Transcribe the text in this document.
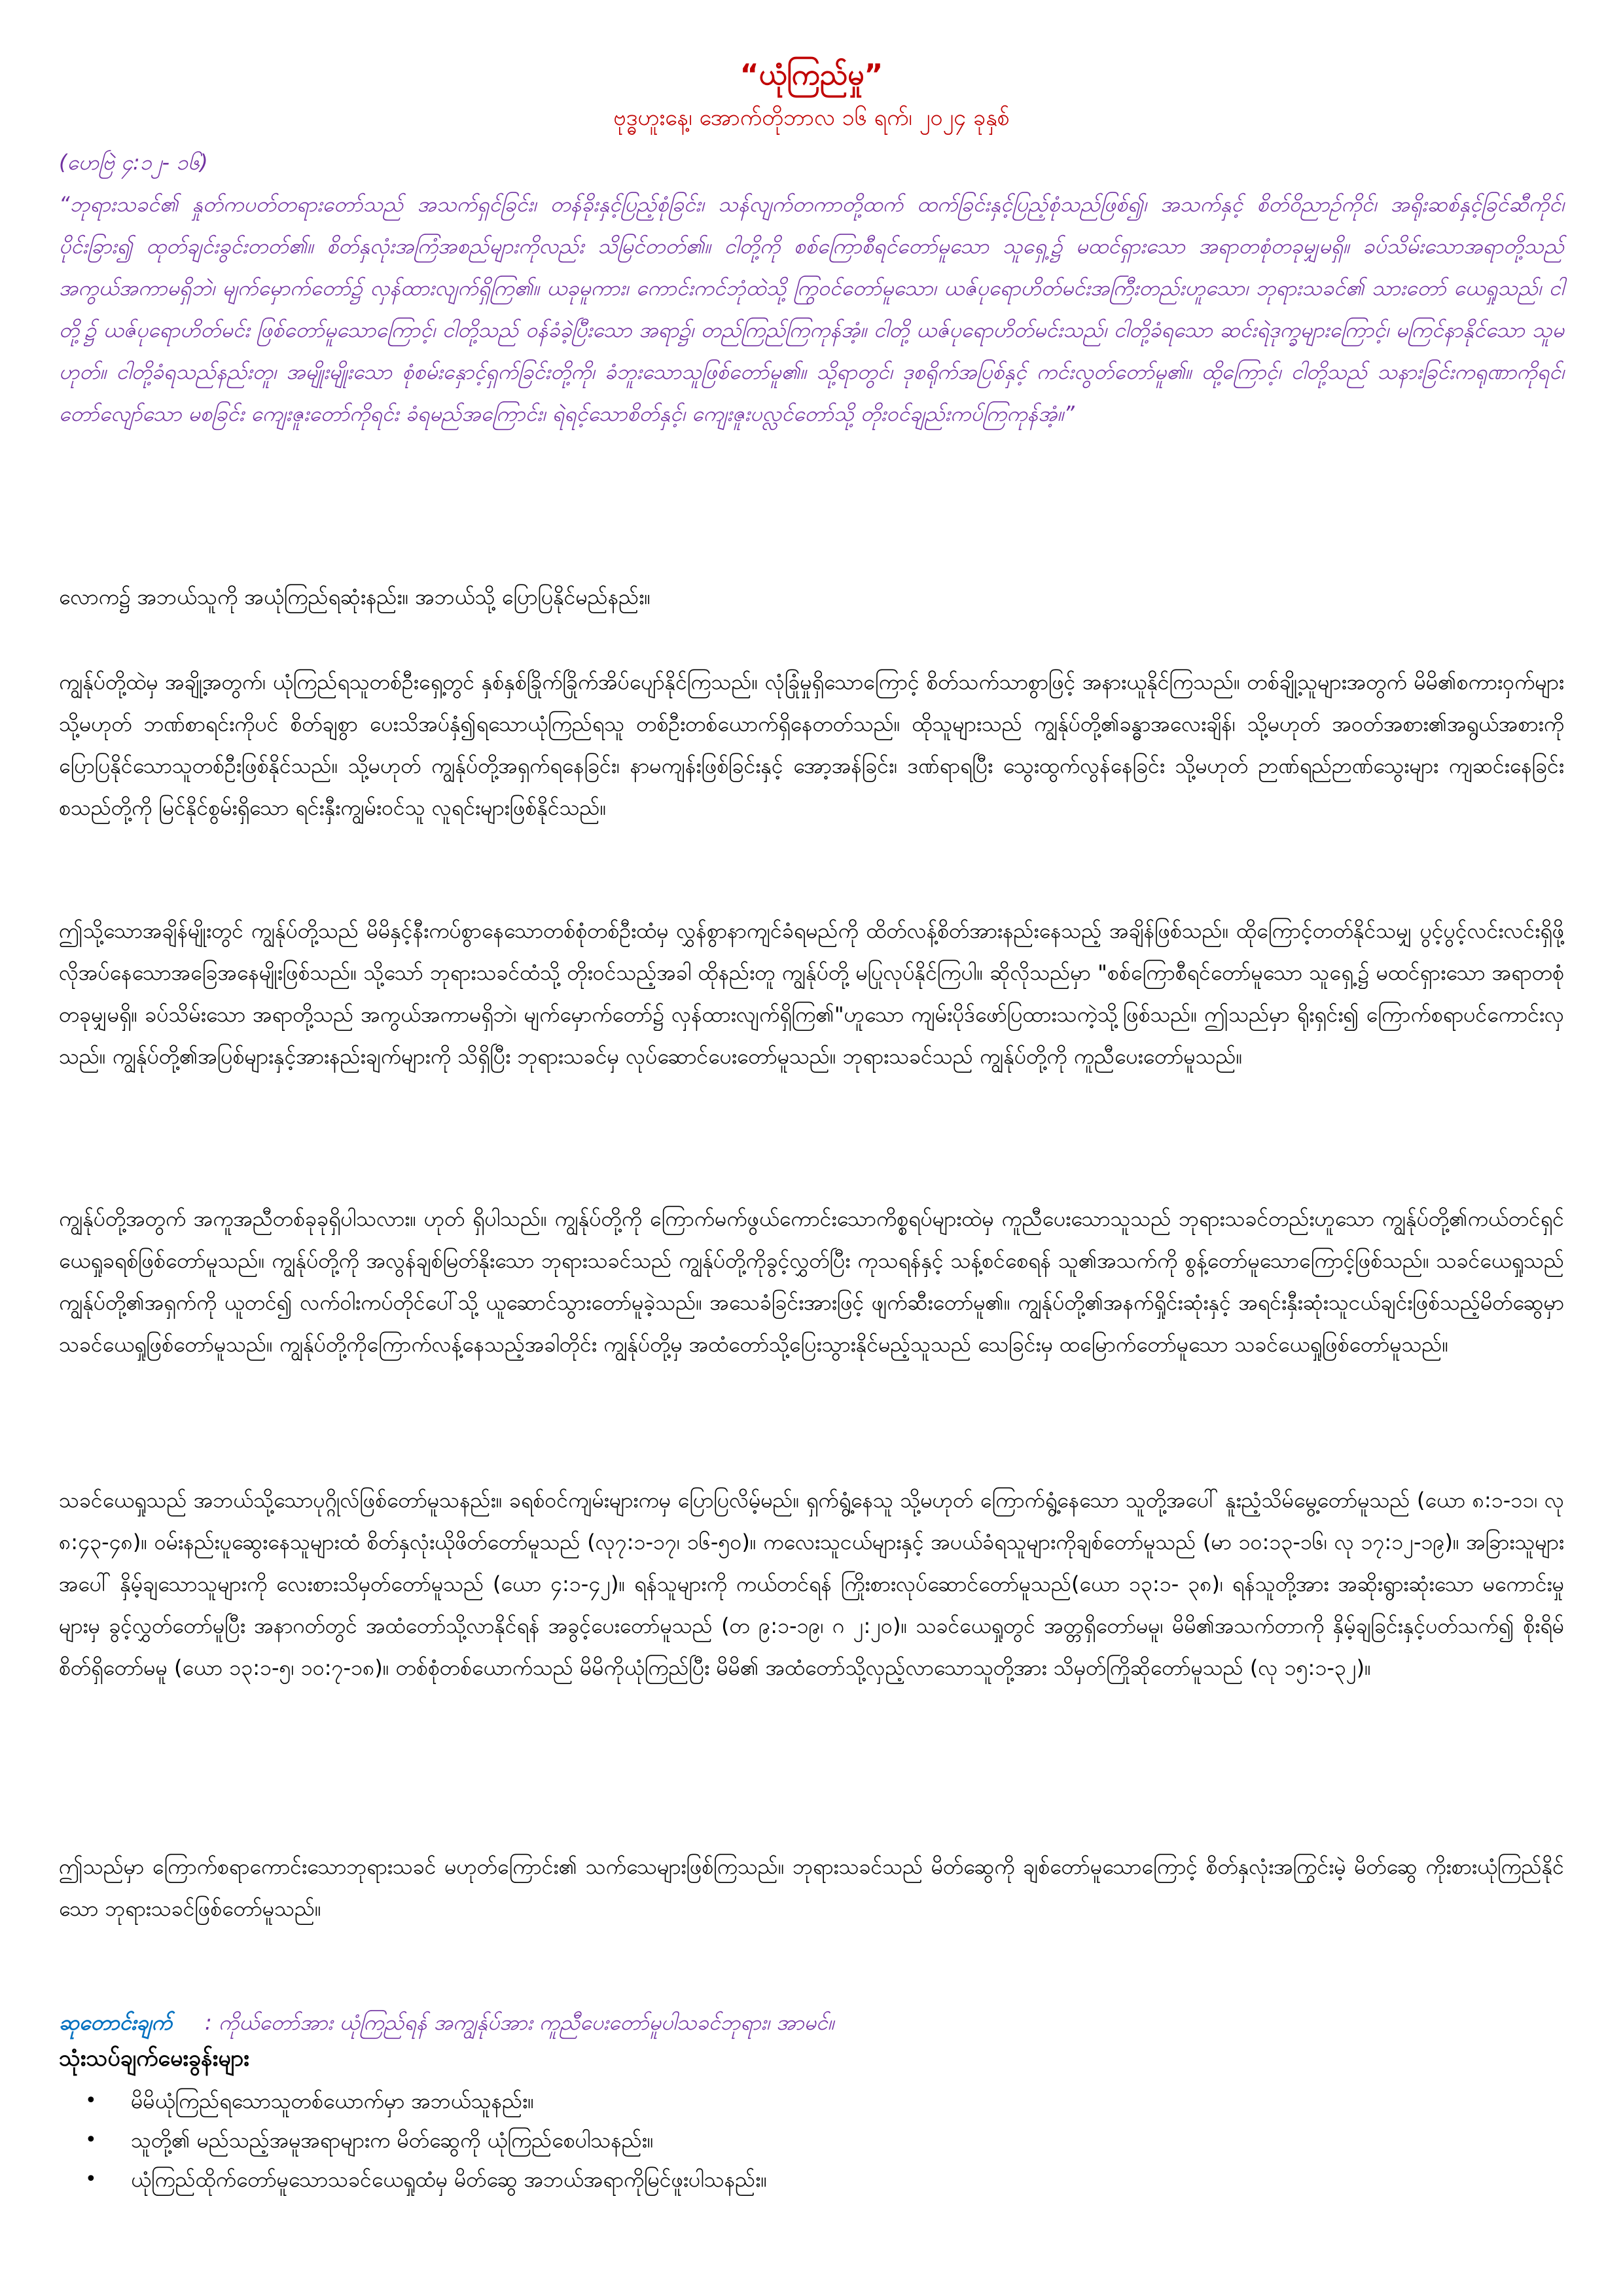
“ယုံကြည်မှု”
ဗုဒ္ဓဟူးနေ့၊ အောက်တိုဘာလ ၁၆ ရက်၊ ၂၀၂၄ ခုနှစ်
(ဟေဗြဲ ၄:၁၂- ၁၆)

“ဘုရားသခင်၏ နှုတ်ကပတ်တရားတော်သည် အသက်ရှင်ခြင်း၊ တန်ခိုးနှင့်ပြည့်စုံခြင်း၊ သန်လျက်တကာတို့ထက် ထက်ခြင်းနှင့်ပြည့်စုံသည်ဖြစ်၍၊ အသက်နှင့် စိတ်ဝိညာဉ်ကိုင်၊ အရိုးဆစ်နှင့်ခြင်ဆီကိုင်၊ ပိုင်းခြား၍ ထုတ်ချင်းခွင်းတတ်၏။ စိတ်နှလုံးအကြံအစည်များကိုလည်း သိမြင်တတ်၏။ ငါတို့ကို စစ်ကြောစီရင်တော်မူသော သူရှေ့၌ မထင်ရှားသော အရာတစုံတခုမျှမရှိ။ ခပ်သိမ်းသောအရာတို့သည် အကွယ်အကာမရှိဘဲ၊ မျက်မှောက်တော်၌ လှန်ထားလျက်ရှိကြ၏။ ယခုမူကား၊ ကောင်းကင်ဘုံထဲသို့ ကြွဝင်တော်မူသော၊ ယဇ်ပုရောဟိတ်မင်းအကြီးတည်းဟူသော၊ ဘုရားသခင်၏ သားတော် ယေရှုသည်၊ ငါတို့၌ ယဇ်ပုရောဟိတ်မင်း ဖြစ်တော်မူသောကြောင့်၊ ငါတို့သည် ဝန်ခံခဲ့ပြီးသော အရာ၌၊ တည်ကြည်ကြကုန်အံ့။ ငါတို့ ယဇ်ပုရောဟိတ်မင်းသည်၊ ငါတို့ခံရသော ဆင်းရဲဒုက္ခများကြောင့်၊ မကြင်နာနိုင်သော သူမဟုတ်။ ငါတို့ခံရသည်နည်းတူ၊ အမျိုးမျိုးသော စုံစမ်းနှောင့်ရှက်ခြင်းတို့ကို၊ ခံဘူးသောသူဖြစ်တော်မူ၏။ သို့ရာတွင်၊ ဒုစရိုက်အပြစ်နှင့် ကင်းလွတ်တော်မူ၏။ ထို့ကြောင့်၊ ငါတို့သည် သနားခြင်းကရုဏာကိုရင်၊ တော်လျော်သော မစခြင်း ကျေးဇူးတော်ကိုရင်း ခံရမည်အကြောင်း၊ ရဲရင့်သောစိတ်နှင့်၊ ကျေးဇူးပလ္လင်တော်သို့ တိုးဝင်ချည်းကပ်ကြကုန်အံ့။”

လောက၌ အဘယ်သူကို အယုံကြည်ရဆုံးနည်း။ အဘယ်သို့ ပြောပြနိုင်မည်နည်း။

ကျွန်ုပ်တို့ထဲမှ အချို့အတွက်၊ ယုံကြည်ရသူတစ်ဦးရှေ့တွင် နှစ်နှစ်ခြိုက်ခြိုက်အိပ်ပျော်နိုင်ကြသည်။ လုံခြုံမှုရှိသောကြောင့် စိတ်သက်သာစွာဖြင့် အနားယူနိုင်ကြသည်။ တစ်ချို့သူများအတွက် မိမိ၏စကားဝှက်များသို့မဟုတ် ဘဏ်စာရင်းကိုပင် စိတ်ချစွာ ပေးသိအပ်နှံ၍ရသောယုံကြည်ရသူ တစ်ဦးတစ်ယောက်ရှိနေတတ်သည်။ ထိုသူများသည် ကျွန်ုပ်တို့၏ခန္ဓာအလေးချိန်၊ သို့မဟုတ် အဝတ်အစား၏အရွယ်အစားကို ပြောပြနိုင်သောသူတစ်ဦးဖြစ်နိုင်သည်။ သို့မဟုတ် ကျွန်ုပ်တို့အရှက်ရနေခြင်း၊ နာမကျန်းဖြစ်ခြင်းနှင့် အော့အန်ခြင်း၊ ဒဏ်ရာရပြီး သွေးထွက်လွန်နေခြင်း သို့မဟုတ် ဉာဏ်ရည်ဉာဏ်သွေးများ ကျဆင်းနေခြင်းစသည်တို့ကို မြင်နိုင်စွမ်းရှိသော ရင်းနှီးကျွမ်းဝင်သူ လူရင်းများဖြစ်နိုင်သည်။

ဤသို့သောအချိန်မျိုးတွင် ကျွန်ုပ်တို့သည် မိမိနှင့်နီးကပ်စွာနေသောတစ်စုံတစ်ဦးထံမှ လွှန်စွာနာကျင်ခံရမည်ကို ထိတ်လန့်စိတ်အားနည်းနေသည့် အချိန်ဖြစ်သည်။ ထိုကြောင့်တတ်နိုင်သမျှ ပွင့်ပွင့်လင်းလင်းရှိဖို့ လိုအပ်နေသောအခြေအနေမျိုးဖြစ်သည်။ သို့သော် ဘုရားသခင်ထံသို့ တိုးဝင်သည့်အခါ ထိုနည်းတူ ကျွန်ုပ်တို့ မပြုလုပ်နိုင်ကြပါ။ ဆိုလိုသည်မှာ "စစ်ကြောစီရင်တော်မူသော သူရှေ့၌ မထင်ရှားသော အရာတစုံတခုမျှမရှိ။ ခပ်သိမ်းသော အရာတို့သည် အကွယ်အကာမရှိဘဲ၊ မျက်မှောက်တော်၌ လှန်ထားလျက်ရှိကြ၏"ဟူသော ကျမ်းပိုဒ်ဖော်ပြထားသကဲ့သို့ဖြစ်သည်။ ဤသည်မှာ ရိုးရှင်း၍ ကြောက်စရာပင်ကောင်းလှသည်။ ကျွန်ုပ်တို့၏အပြစ်များနှင့်အားနည်းချက်များကို သိရှိပြီး ဘုရားသခင်မှ လုပ်ဆောင်ပေးတော်မူသည်။ ဘုရားသခင်သည် ကျွန်ုပ်တို့ကို ကူညီပေးတော်မူသည်။

ကျွန်ုပ်တို့အတွက် အကူအညီတစ်ခုခုရှိပါသလား။ ဟုတ် ရှိပါသည်။ ကျွန်ုပ်တို့ကို ကြောက်မက်ဖွယ်ကောင်းသောကိစ္စရပ်များထဲမှ ကူညီပေးသောသူသည် ဘုရားသခင်တည်းဟူသော ကျွန်ုပ်တို့၏ကယ်တင်ရှင်ယေရှုခရစ်ဖြစ်တော်မူသည်။ ကျွန်ုပ်တို့ကို အလွန်ချစ်မြတ်နိုးသော ဘုရားသခင်သည် ကျွန်ုပ်တို့ကိုခွင့်လွှတ်ပြီး ကုသရန်နှင့် သန့်စင်စေရန် သူ၏အသက်ကို စွန့်တော်မူသောကြောင့်ဖြစ်သည်။ သခင်ယေရှုသည် ကျွန်ုပ်တို့၏အရှက်ကို ယူတင်၍ လက်ဝါးကပ်တိုင်ပေါ်သို့ ယူဆောင်သွားတော်မူခဲ့သည်။ အသေခံခြင်းအားဖြင့် ဖျက်ဆီးတော်မူ၏။ ကျွန်ုပ်တို့၏အနက်ရှိုင်းဆုံးနှင့် အရင်းနှီးဆုံးသူငယ်ချင်းဖြစ်သည့်မိတ်ဆွေမှာ သခင်ယေရှုဖြစ်တော်မူသည်။ ကျွန်ုပ်တို့ကိုကြောက်လန့်နေသည့်အခါတိုင်း ကျွန်ုပ်တို့မှ အထံတော်သို့ပြေးသွားနိုင်မည့်သူသည် သေခြင်းမှ ထမြောက်တော်မူသော သခင်ယေရှုဖြစ်တော်မူသည်။

သခင်ယေရှုသည် အဘယ်သို့သောပုဂ္ဂိုလ်ဖြစ်တော်မူသနည်း။ ခရစ်ဝင်ကျမ်းများကမှ ပြောပြလိမ့်မည်။ ရှက်ရွံ့နေသူ သို့မဟုတ် ကြောက်ရွံ့နေသော သူတို့အပေါ် နူးညံ့သိမ်မွေ့တော်မူသည် (ယော ၈:၁-၁၁၊ လု ၈:၄၃-၄၈)။ ဝမ်းနည်းပူဆွေးနေသူများထံ စိတ်နှလုံးယိုဖိတ်တော်မူသည် (လု၇:၁-၁၇၊ ၁၆-၅၀)။ ကလေးသူငယ်များနှင့် အပယ်ခံရသူများကိုချစ်တော်မူသည် (မာ ၁၀:၁၃-၁၆၊ လု ၁၇:၁၂-၁၉)။ အခြားသူများအပေါ် နှိမ့်ချသောသူများကို လေးစားသိမှတ်တော်မူသည် (ယော ၄:၁-၄၂)။ ရန်သူများကို ကယ်တင်ရန် ကြိုးစားလုပ်ဆောင်တော်မူသည်(ယော ၁၃:၁- ၃၈)၊ ရန်သူတို့အား အဆိုးရွားဆုံးသော မကောင်းမှုများမှ ခွင့်လွှတ်တော်မူပြီး အနာဂတ်တွင် အထံတော်သို့လာနိုင်ရန် အခွင့်ပေးတော်မူသည် (တ ၉:၁-၁၉၊ ဂ ၂:၂၀)။ သခင်ယေရှုတွင် အတ္တရှိတော်မမူ၊ မိမိ၏အသက်တာကို နှိမ့်ချခြင်းနှင့်ပတ်သက်၍ စိုးရိမ်စိတ်ရှိတော်မမူ (ယော ၁၃:၁-၅၊ ၁၀:၇-၁၈)။ တစ်စုံတစ်ယောက်သည် မိမိကိုယုံကြည်ပြီး မိမိ၏ အထံတော်သို့လှည့်လာသောသူတို့အား သိမှတ်ကြိုဆိုတော်မူသည် (လု ၁၅:၁-၃၂)။

ဤသည်မှာ ကြောက်စရာကောင်းသောဘုရားသခင် မဟုတ်ကြောင်း၏ သက်သေများဖြစ်ကြသည်။ ဘုရားသခင်သည် မိတ်ဆွေကို ချစ်တော်မူသောကြောင့် စိတ်နှလုံးအကြွင်းမဲ့ မိတ်ဆွေ ကိုးစားယုံကြည်နိုင်သော ဘုရားသခင်ဖြစ်တော်မူသည်။

ဆုတောင်းချက် : ကိုယ်တော်အား ယုံကြည်ရန် အကျွန်ုပ်အား ကူညီပေးတော်မူပါသခင်ဘုရား၊ အာမင်။

သုံးသပ်ချက်မေးခွန်းများ

• မိမိယုံကြည်ရသောသူတစ်ယောက်မှာ အဘယ်သူနည်း။
• သူတို့၏ မည်သည့်အမူအရာများက မိတ်ဆွေကို ယုံကြည်စေပါသနည်း။
• ယုံကြည်ထိုက်တော်မူသောသခင်ယေရှုထံမှ မိတ်ဆွေ အဘယ်အရာကိုမြင်ဖူးပါသနည်း။
